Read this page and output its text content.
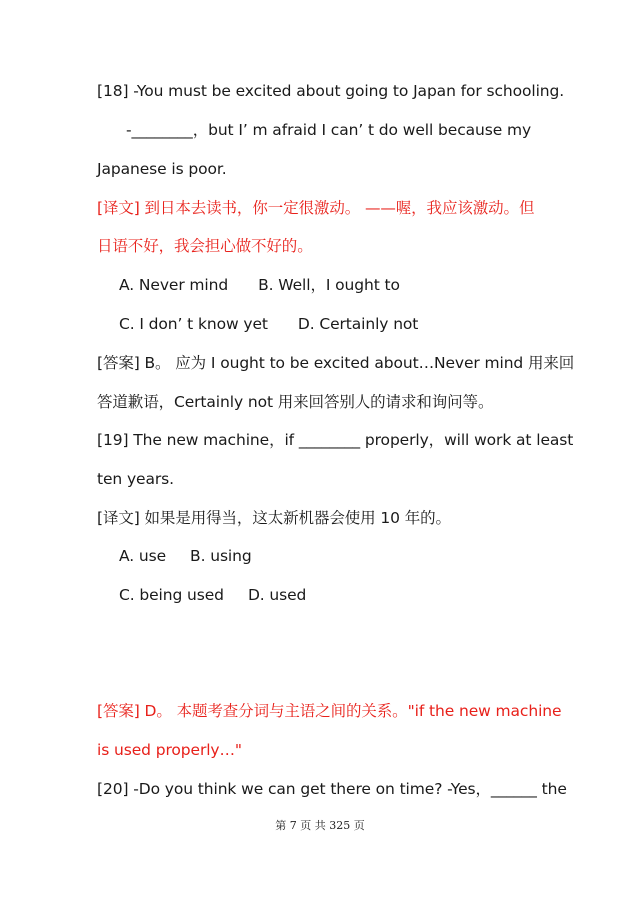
[18] -You must be excited about going to Japan for schooling.
-________，but I’ m afraid I can’ t do well because my
Japanese is poor.
[译文] 到日本去读书，你一定很激动。 ——喔，我应该激动。但
日语不好，我会担心做不好的。
A. Never mind B. Well，I ought to
C. I don’ t know yet D. Certainly not
[答案] B。 应为 I ought to be excited about…Never mind 用来回
答道歉语，Certainly not 用来回答别人的请求和询问等。
[19] The new machine，if ________ properly，will work at least
ten years.
[译文] 如果是用得当，这太新机器会使用 10 年的。
A. use B. using
C. being used D. used
[答案] D。 本题考查分词与主语之间的关系。"if the new machine
is used properly…"
[20] -Do you think we can get there on time? -Yes，______ the
第 7 页 共 325 页
